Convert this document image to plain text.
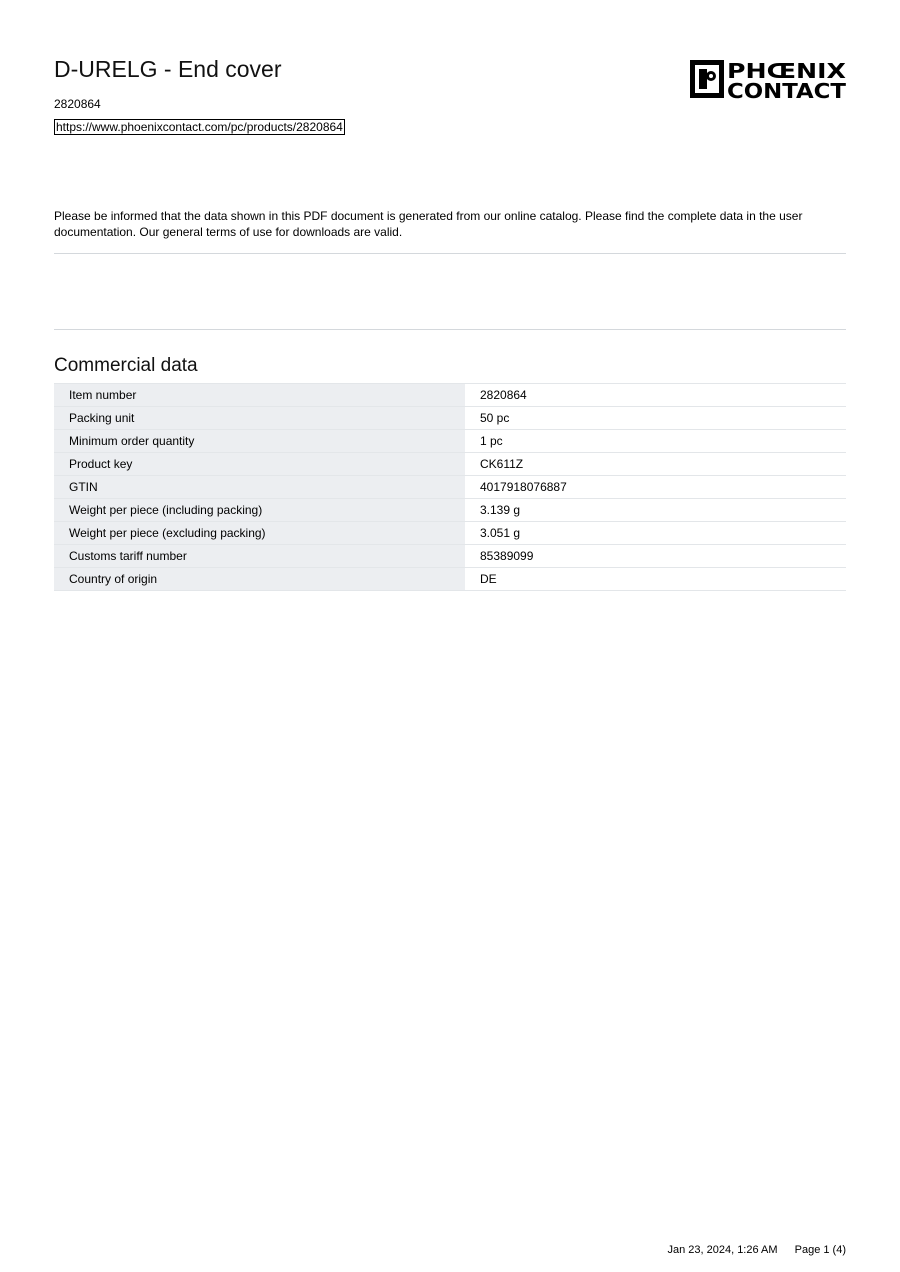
D-URELG - End cover
2820864
https://www.phoenixcontact.com/pc/products/2820864
PHŒNIX
CONTACT

Please be informed that the data shown in this PDF document is generated from our online catalog. Please find the complete data in the user documentation. Our general terms of use for downloads are valid.

Commercial data
Item number	2820864
Packing unit	50 pc
Minimum order quantity	1 pc
Product key	CK611Z
GTIN	4017918076887
Weight per piece (including packing)	3.139 g
Weight per piece (excluding packing)	3.051 g
Customs tariff number	85389099
Country of origin	DE
Jan 23, 2024, 1:26 AM Page 1 (4)
